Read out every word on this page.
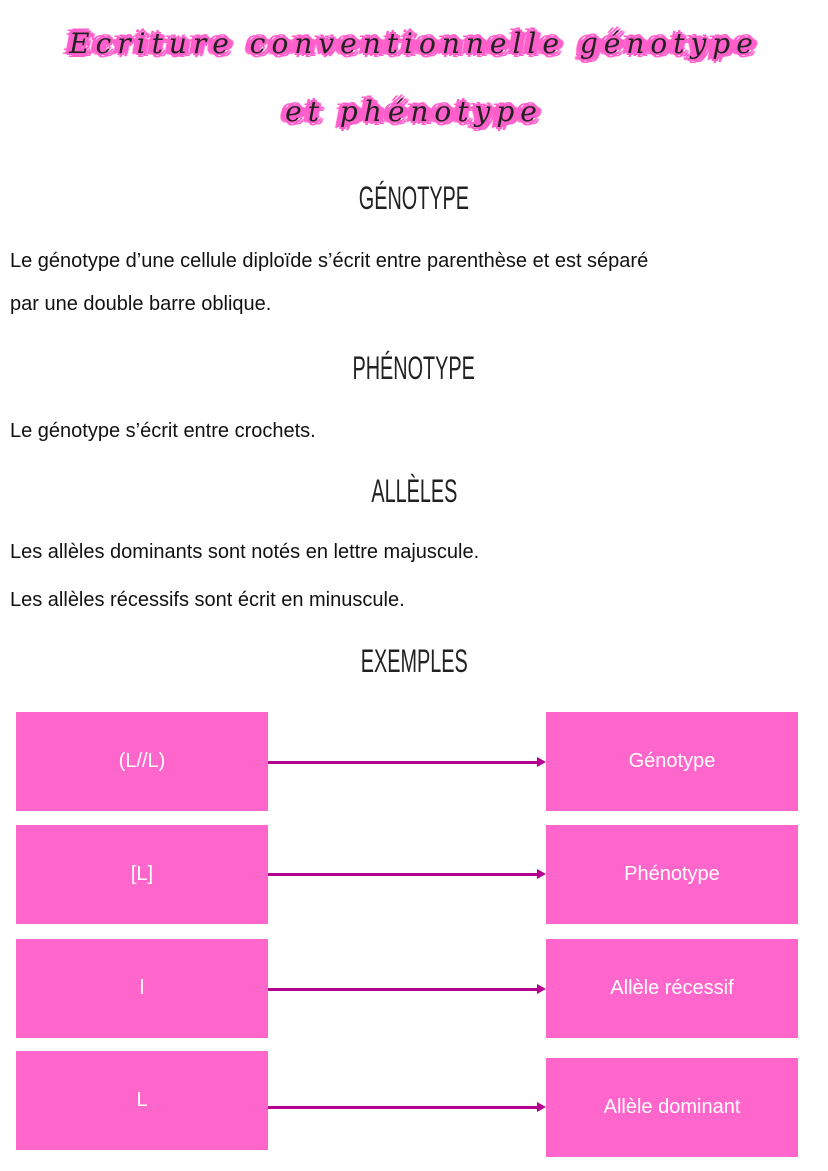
Ecriture conventionnelle génotype
et phénotype
GÉNOTYPE
Le génotype d’une cellule diploïde s’écrit entre parenthèse et est séparé
par une double barre oblique.
PHÉNOTYPE
Le génotype s’écrit entre crochets.
ALLÈLES
Les allèles dominants sont notés en lettre majuscule.
Les allèles récessifs sont écrit en minuscule.
EXEMPLES
(L//L)	Génotype
[L]	Phénotype
l	Allèle récessif
L	Allèle dominant
